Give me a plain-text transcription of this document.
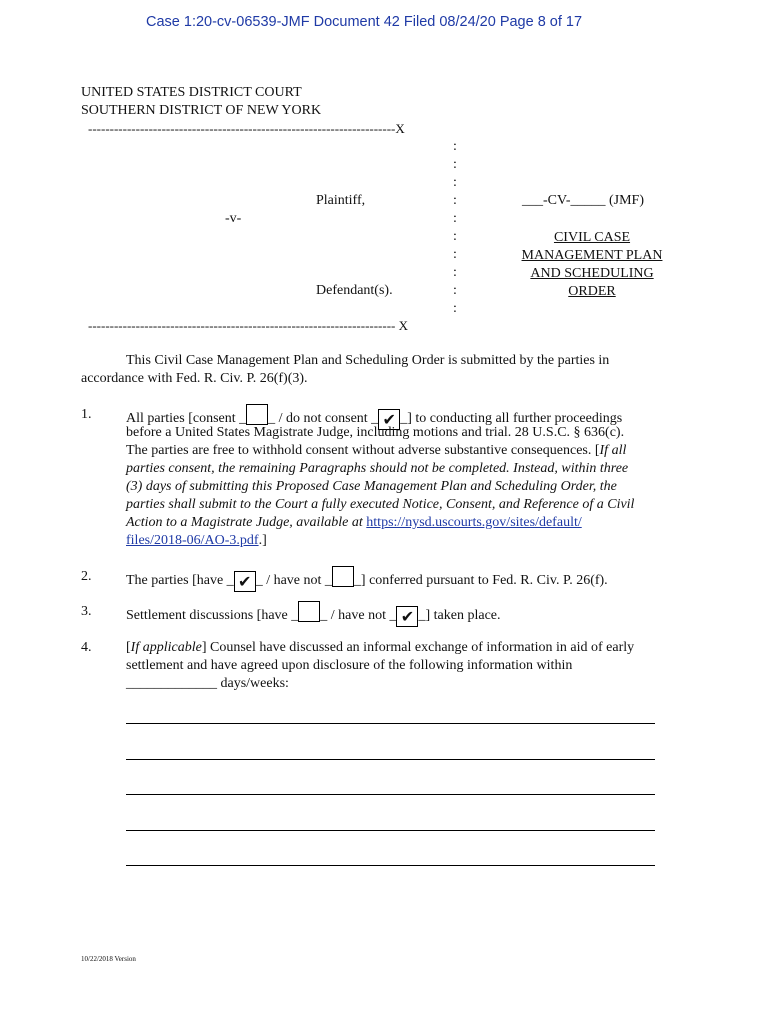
Case 1:20-cv-06539-JMF Document 42 Filed 08/24/20 Page 8 of 17
UNITED STATES DISTRICT COURT
SOUTHERN DISTRICT OF NEW YORK
-----------------------------------------------------------------------X
:
:
:
:
:
:
:
:
:
:
Plaintiff,
-v-
Defendant(s).
___-CV-_____ (JMF)
CIVIL CASE
MANAGEMENT PLAN
AND SCHEDULING
ORDER
----------------------------------------------------------------------- X
This Civil Case Management Plan and Scheduling Order is submitted by the parties in
accordance with Fed. R. Civ. P. 26(f)(3).
1. All parties [consent _ _ / do not consent _ ✔ _] to conducting all further proceedings
before a United States Magistrate Judge, including motions and trial. 28 U.S.C. § 636(c).
The parties are free to withhold consent without adverse substantive consequences. [If all
parties consent, the remaining Paragraphs should not be completed. Instead, within three
(3) days of submitting this Proposed Case Management Plan and Scheduling Order, the
parties shall submit to the Court a fully executed Notice, Consent, and Reference of a Civil
Action to a Magistrate Judge, available at https://nysd.uscourts.gov/sites/default/
files/2018-06/AO-3.pdf.]
2. The parties [have _ ✔ _ / have not _ _] conferred pursuant to Fed. R. Civ. P. 26(f).
3. Settlement discussions [have _ _ / have not _ ✔ _] taken place.
4. [If applicable] Counsel have discussed an informal exchange of information in aid of early
settlement and have agreed upon disclosure of the following information within
_____________ days/weeks:
10/22/2018 Version
